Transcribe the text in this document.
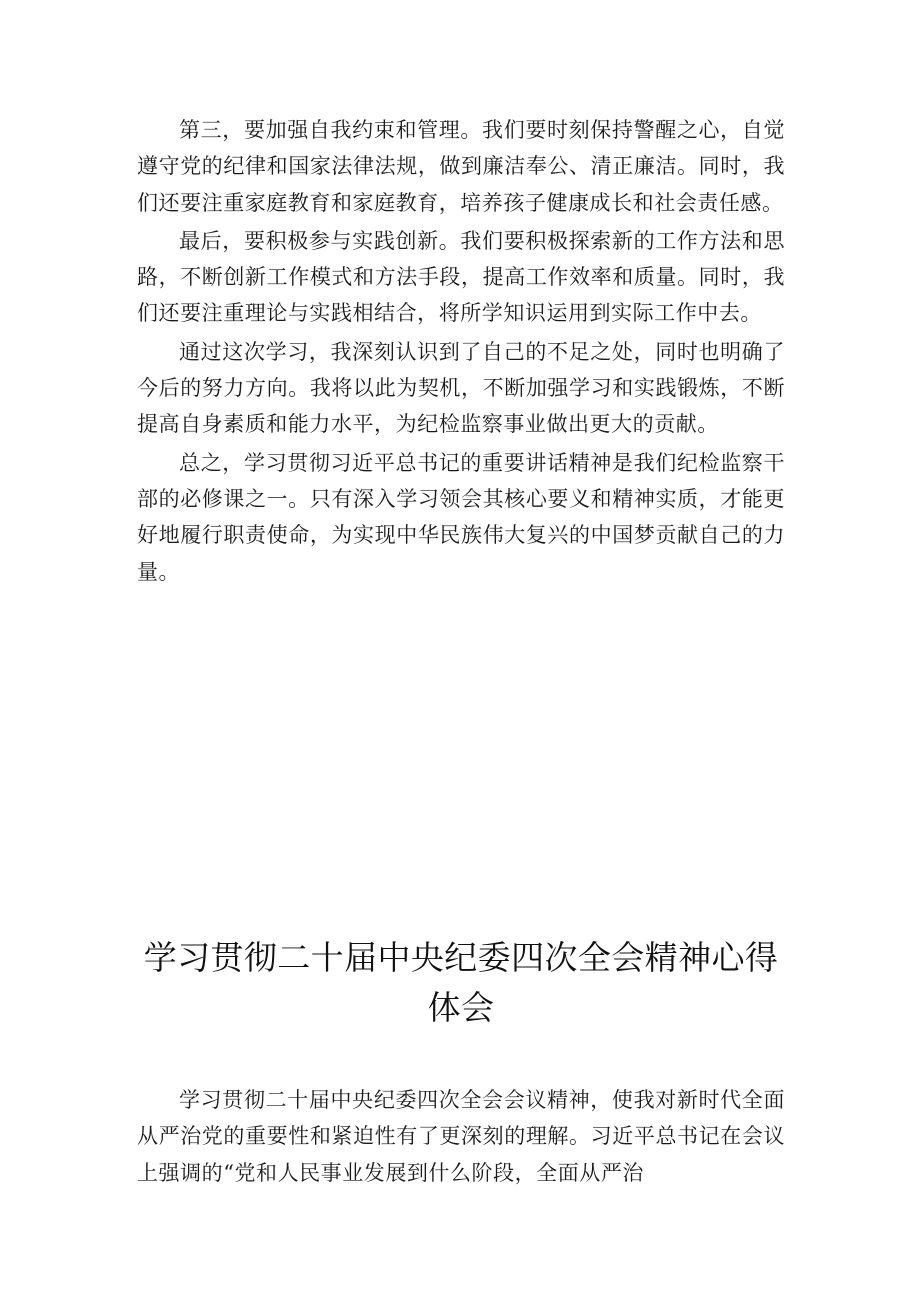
第三，要加强自我约束和管理。我们要时刻保持警醒之心，自觉遵守党的纪律和国家法律法规，做到廉洁奉公、清正廉洁。同时，我们还要注重家庭教育和家庭教育，培养孩子健康成长和社会责任感。

最后，要积极参与实践创新。我们要积极探索新的工作方法和思路，不断创新工作模式和方法手段，提高工作效率和质量。同时，我们还要注重理论与实践相结合，将所学知识运用到实际工作中去。

通过这次学习，我深刻认识到了自己的不足之处，同时也明确了今后的努力方向。我将以此为契机，不断加强学习和实践锻炼，不断提高自身素质和能力水平，为纪检监察事业做出更大的贡献。

总之，学习贯彻习近平总书记的重要讲话精神是我们纪检监察干部的必修课之一。只有深入学习领会其核心要义和精神实质，才能更好地履行职责使命，为实现中华民族伟大复兴的中国梦贡献自己的力量。

学习贯彻二十届中央纪委四次全会精神心得体会

学习贯彻二十届中央纪委四次全会会议精神，使我对新时代全面从严治党的重要性和紧迫性有了更深刻的理解。习近平总书记在会议上强调的“党和人民事业发展到什么阶段，全面从严治
